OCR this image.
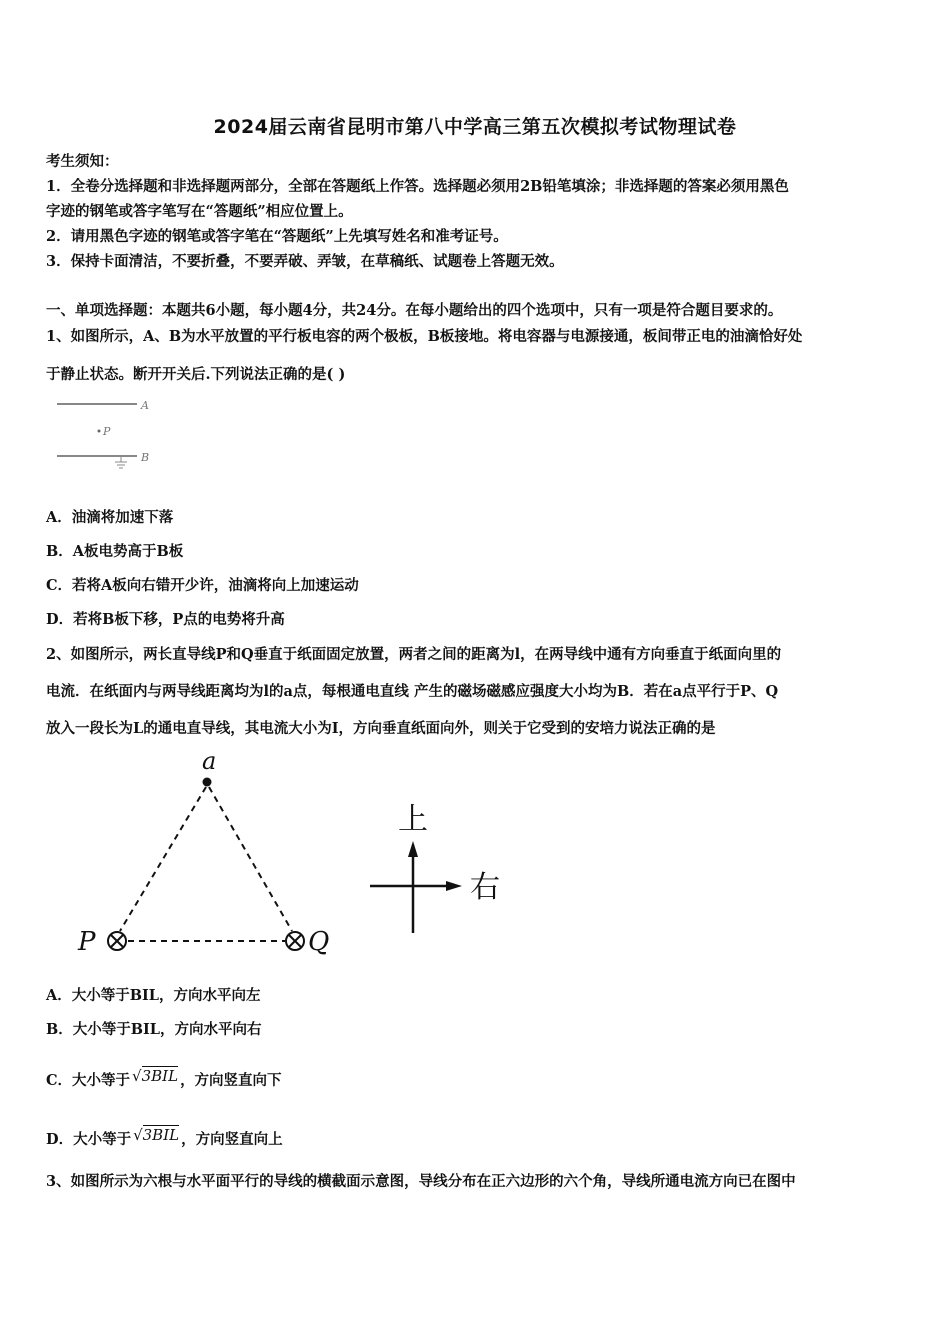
2024届云南省昆明市第八中学高三第五次模拟考试物理试卷
考生须知：
1．全卷分选择题和非选择题两部分，全部在答题纸上作答。选择题必须用2B铅笔填涂；非选择题的答案必须用黑色
字迹的钢笔或答字笔写在“答题纸”相应位置上。
2．请用黑色字迹的钢笔或答字笔在“答题纸”上先填写姓名和准考证号。
3．保持卡面清洁，不要折叠，不要弄破、弄皱，在草稿纸、试题卷上答题无效。
一、单项选择题：本题共6小题，每小题4分，共24分。在每小题给出的四个选项中，只有一项是符合题目要求的。
1、如图所示，A、B为水平放置的平行板电容的两个极板，B板接地。将电容器与电源接通，板间带正电的油滴恰好处
于静止状态。断开开关后.下列说法正确的是( )
A
P
B
A．油滴将加速下落
B．A板电势高于B板
C．若将A板向右错开少许，油滴将向上加速运动
D．若将B板下移，P点的电势将升高
2、如图所示，两长直导线P和Q垂直于纸面固定放置，两者之间的距离为l，在两导线中通有方向垂直于纸面向里的
电流．在纸面内与两导线距离均为l的a点，每根通电直线 产生的磁场磁感应强度大小均为B．若在a点平行于P、Q
放入一段长为L的通电直导线，其电流大小为I，方向垂直纸面向外，则关于它受到的安培力说法正确的是
a
P	Q
上
右
A．大小等于BIL，方向水平向左
B．大小等于BIL，方向水平向右
C．大小等于 √3BIL ，方向竖直向下
D．大小等于 √3BIL ，方向竖直向上
3、如图所示为六根与水平面平行的导线的横截面示意图，导线分布在正六边形的六个角，导线所通电流方向已在图中
